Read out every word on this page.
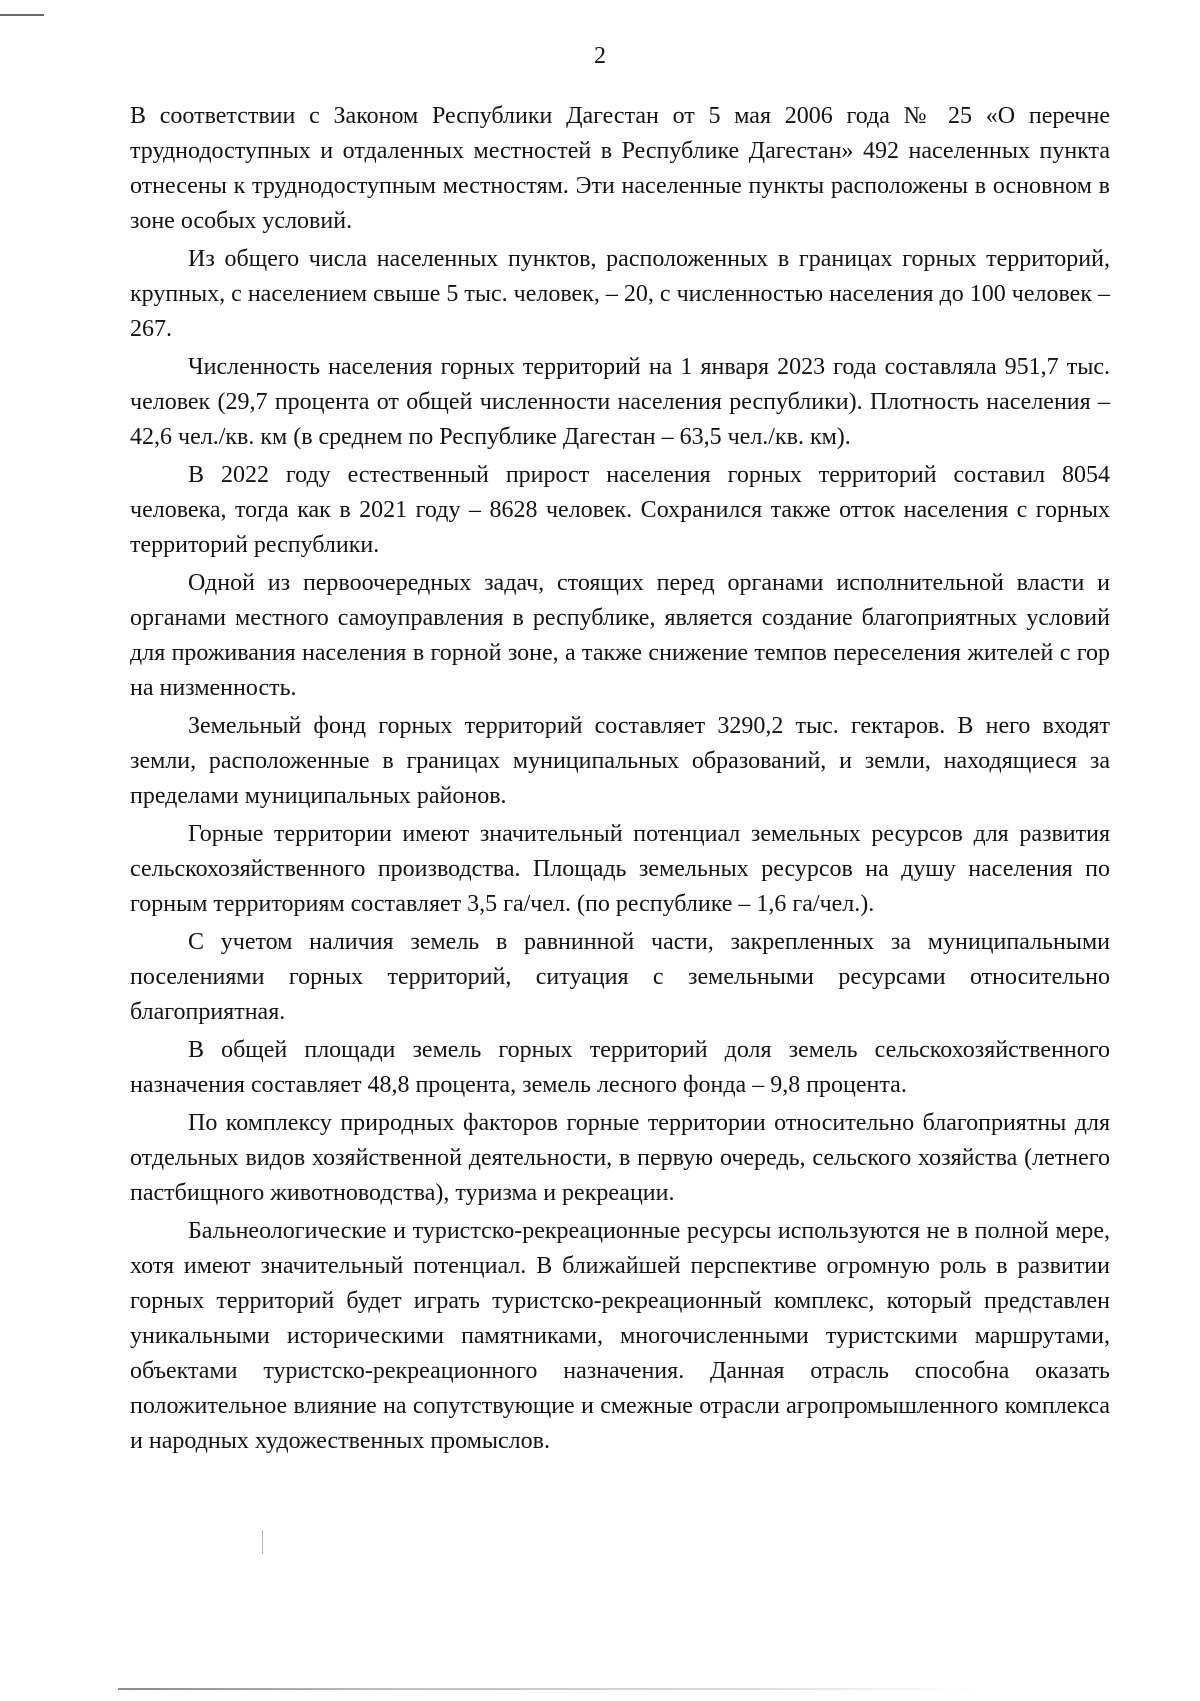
2

В соответствии с Законом Республики Дагестан от 5 мая 2006 года № 25 «О перечне труднодоступных и отдаленных местностей в Республике Дагестан» 492 населенных пункта отнесены к труднодоступным местностям. Эти населенные пункты расположены в основном в зоне особых условий.

Из общего числа населенных пунктов, расположенных в границах горных территорий, крупных, с населением свыше 5 тыс. человек, – 20, с численностью населения до 100 человек – 267.

Численность населения горных территорий на 1 января 2023 года составляла 951,7 тыс. человек (29,7 процента от общей численности населения республики). Плотность населения – 42,6 чел./кв. км (в среднем по Республике Дагестан – 63,5 чел./кв. км).

В 2022 году естественный прирост населения горных территорий составил 8054 человека, тогда как в 2021 году – 8628 человек. Сохранился также отток населения с горных территорий республики.

Одной из первоочередных задач, стоящих перед органами исполнительной власти и органами местного самоуправления в республике, является создание благоприятных условий для проживания населения в горной зоне, а также снижение темпов переселения жителей с гор на низменность.

Земельный фонд горных территорий составляет 3290,2 тыс. гектаров. В него входят земли, расположенные в границах муниципальных образований, и земли, находящиеся за пределами муниципальных районов.

Горные территории имеют значительный потенциал земельных ресурсов для развития сельскохозяйственного производства. Площадь земельных ресурсов на душу населения по горным территориям составляет 3,5 га/чел. (по республике – 1,6 га/чел.).

С учетом наличия земель в равнинной части, закрепленных за муниципальными поселениями горных территорий, ситуация с земельными ресурсами относительно благоприятная.

В общей площади земель горных территорий доля земель сельскохозяйственного назначения составляет 48,8 процента, земель лесного фонда – 9,8 процента.

По комплексу природных факторов горные территории относительно благоприятны для отдельных видов хозяйственной деятельности, в первую очередь, сельского хозяйства (летнего пастбищного животноводства), туризма и рекреации.

Бальнеологические и туристско-рекреационные ресурсы используются не в полной мере, хотя имеют значительный потенциал. В ближайшей перспективе огромную роль в развитии горных территорий будет играть туристско-рекреационный комплекс, который представлен уникальными историческими памятниками, многочисленными туристскими маршрутами, объектами туристско-рекреационного назначения. Данная отрасль способна оказать положительное влияние на сопутствующие и смежные отрасли агропромышленного комплекса и народных художественных промыслов.
